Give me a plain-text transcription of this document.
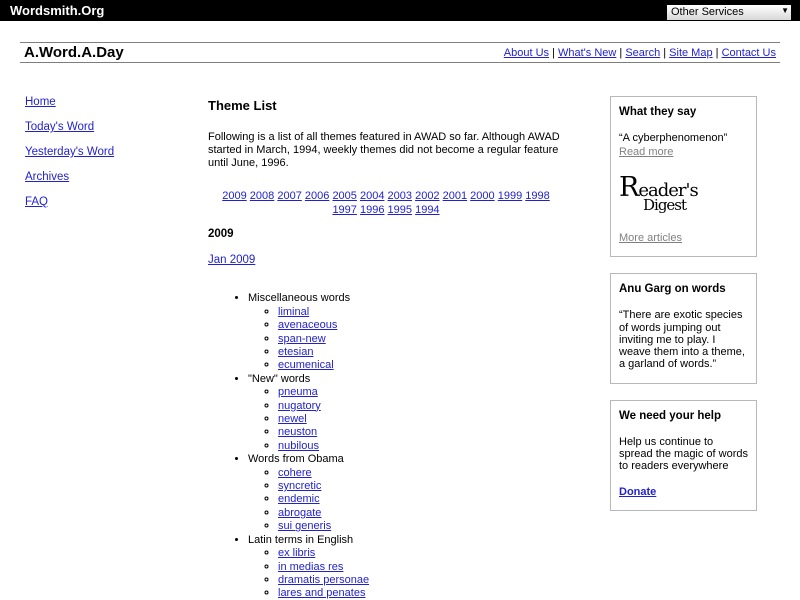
Wordsmith.Org
Other Services	▼
A.Word.A.Day	About Us | What's New | Search | Site Map | Contact Us
Home
Today's Word
Yesterday's Word
Archives
FAQ
Theme List

Following is a list of all themes featured in AWAD so far. Although AWAD started in March, 1994, weekly themes did not become a regular feature until June, 1996.

2009 2008 2007 2006 2005 2004 2003 2002 2001 2000 1999 1998
1997 1996 1995 1994
2009
Jan 2009
• Miscellaneous words
◦ liminal
◦ avenaceous
◦ span-new
◦ etesian
◦ ecumenical
• "New" words
◦ pneuma
◦ nugatory
◦ newel
◦ neuston
◦ nubilous
• Words from Obama
◦ cohere
◦ syncretic
◦ endemic
◦ abrogate
◦ sui generis
• Latin terms in English
◦ ex libris
◦ in medias res
◦ dramatis personae
◦ lares and penates
What they say

“A cyberphenomenon”

Read more
Reader's
Digest
More articles
Anu Garg on words

“There are exotic species of words jumping out inviting me to play. I weave them into a theme, a garland of words.”

We need your help

Help us continue to spread the magic of words to readers everywhere

Donate
